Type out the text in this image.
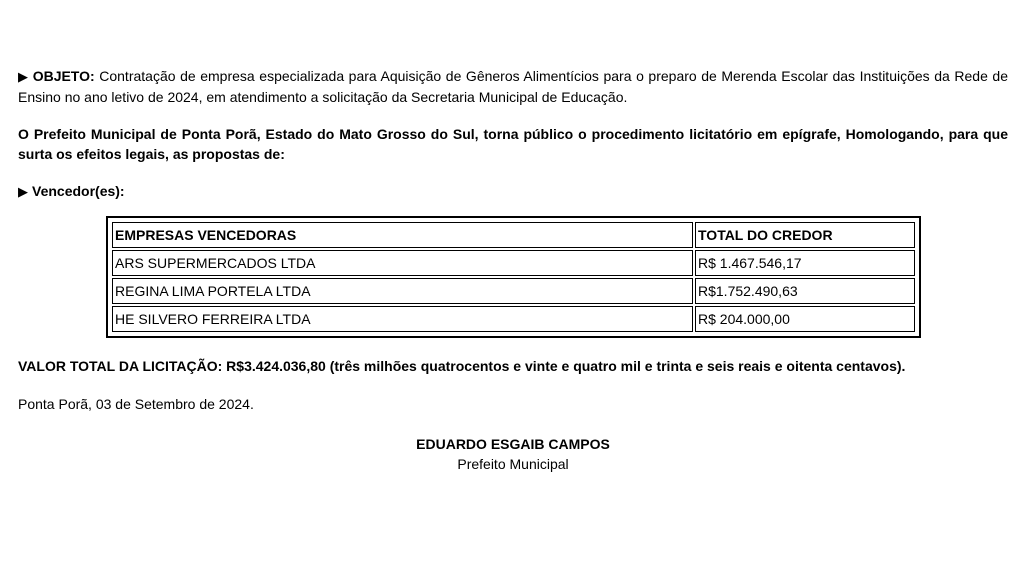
▶ OBJETO: Contratação de empresa especializada para Aquisição de Gêneros Alimentícios para o preparo de Merenda Escolar das Instituições da Rede de Ensino no ano letivo de 2024, em atendimento a solicitação da Secretaria Municipal de Educação.

O Prefeito Municipal de Ponta Porã, Estado do Mato Grosso do Sul, torna público o procedimento licitatório em epígrafe, Homologando, para que surta os efeitos legais, as propostas de:

▶ Vencedor(es):

EMPRESAS VENCEDORAS	TOTAL DO CREDOR
ARS SUPERMERCADOS LTDA	R$ 1.467.546,17
REGINA LIMA PORTELA LTDA	R$1.752.490,63
HE SILVERO FERREIRA LTDA	R$ 204.000,00

VALOR TOTAL DA LICITAÇÃO: R$3.424.036,80 (três milhões quatrocentos e vinte e quatro mil e trinta e seis reais e oitenta centavos).

Ponta Porã, 03 de Setembro de 2024.

EDUARDO ESGAIB CAMPOS
Prefeito Municipal
